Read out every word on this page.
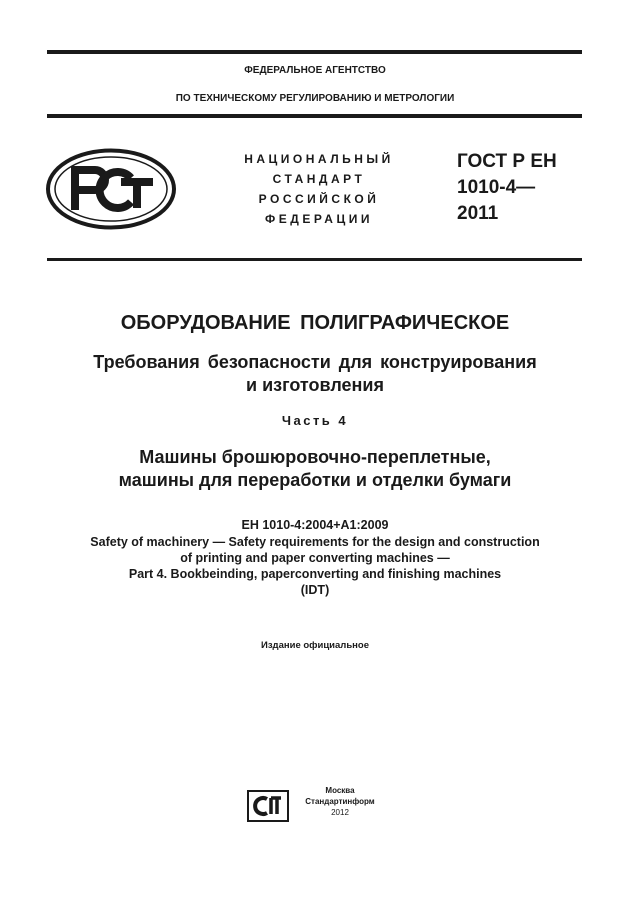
ФЕДЕРАЛЬНОЕ АГЕНТСТВО
ПО ТЕХНИЧЕСКОМУ РЕГУЛИРОВАНИЮ И МЕТРОЛОГИИ
НАЦИОНАЛЬНЫЙ
СТАНДАРТ
РОССИЙСКОЙ
ФЕДЕРАЦИИ
ГОСТ Р ЕН
1010-4—
2011
ОБОРУДОВАНИЕ ПОЛИГРАФИЧЕСКОЕ
Требования безопасности для конструирования
и изготовления
Часть 4
Машины брошюровочно-переплетные,
машины для переработки и отделки бумаги
EH 1010-4:2004+A1:2009
Safety of machinery — Safety requirements for the design and construction
of printing and paper converting machines —
Part 4. Bookbeinding, paperconverting and finishing machines
(IDT)
Издание официальное
Москва
Стандартинформ
2012
